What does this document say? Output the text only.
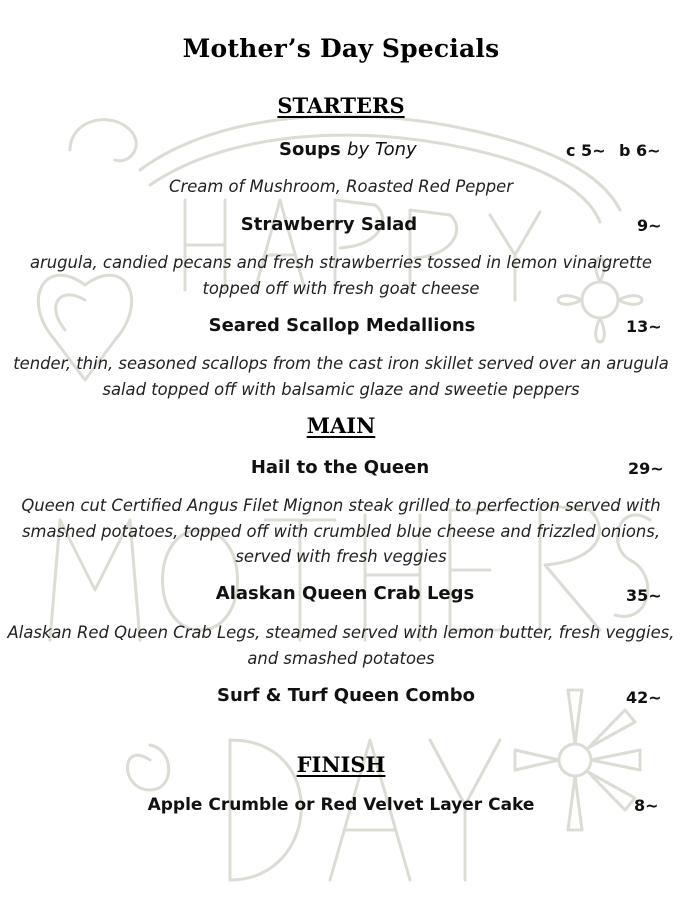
Mother’s Day Specials
STARTERS
Soups by Tony	c 5~ b 6~
Cream of Mushroom, Roasted Red Pepper
Strawberry Salad	9~
arugula, candied pecans and fresh strawberries tossed in lemon vinaigrette
topped off with fresh goat cheese
Seared Scallop Medallions	13~
tender, thin, seasoned scallops from the cast iron skillet served over an arugula
salad topped off with balsamic glaze and sweetie peppers
MAIN
Hail to the Queen	29~
Queen cut Certified Angus Filet Mignon steak grilled to perfection served with
smashed potatoes, topped off with crumbled blue cheese and frizzled onions,
served with fresh veggies
Alaskan Queen Crab Legs	35~
Alaskan Red Queen Crab Legs, steamed served with lemon butter, fresh veggies,
and smashed potatoes
Surf & Turf Queen Combo	42~
FINISH
Apple Crumble or Red Velvet Layer Cake	8~
